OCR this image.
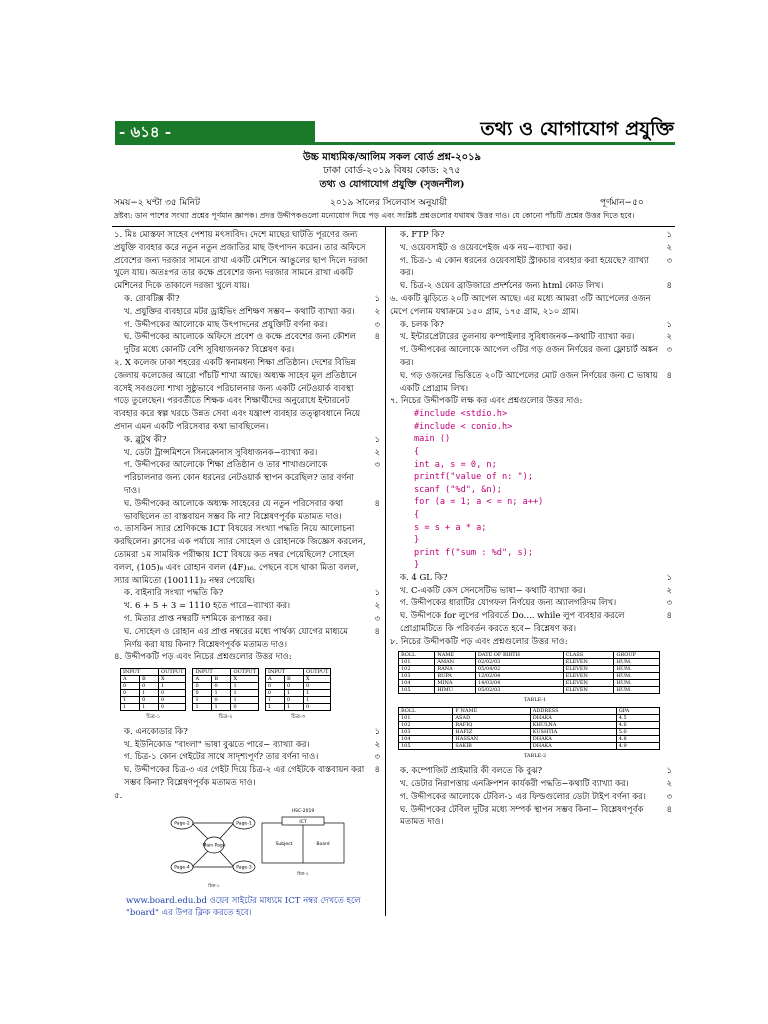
- ৬১৪ -	তথ্য ও যোগাযোগ প্রযুক্তি
উচ্চ মাধ্যমিক/আলিম সকল বোর্ড প্রশ্ন-২০১৯
ঢাকা বোর্ড-২০১৯ বিষয় কোড: ২৭৫
তথ্য ও যোগাযোগ প্রযুক্তি (সৃজনশীল)
সময়−২ ঘণ্টা ৩৫ মিনিট	২০১৯ সালের সিলেবাস অনুযায়ী	পূর্ণমান−৫০
দ্রষ্টব্য: ডান পাশের সংখ্যা প্রশ্নের পূর্ণমান জ্ঞাপক। প্রদত্ত উদ্দীপকগুলো মনোযোগ দিয়ে পড় এবং সংশ্লিষ্ট প্রশ্নগুলোর যথাযথ উত্তর দাও। যে কোনো পাঁচটি প্রশ্নের উত্তর দিতে হবে।
১. মিঃ মোস্তফা সাহেব পেশায় মৎস্যবিদ। দেশে মাছের ঘাটতি পূরণের জন্য প্রযুক্তি ব্যবহার করে নতুন নতুন প্রজাতির মাছ উৎপাদন করেন। তার অফিসে প্রবেশের জন্য দরজার সামনে রাখা একটি মেশিনে আঙুলের ছাপ দিলে দরজা খুলে যায়। অতঃপর তার কক্ষে প্রবেশের জন্য দরজার সামনে রাখা একটি মেশিনের দিকে তাকালে দরজা খুলে যায়।
ক. রোবটিক্স কী?	১
খ. প্রযুক্তির ব্যবহারে মটর ড্রাইভিং প্রশিক্ষণ সম্ভব− কথাটি ব্যাখ্যা কর।	২
গ. উদ্দীপকের আলোকে মাছ উৎপাদনের প্রযুক্তিটি বর্ণনা কর।	৩
ঘ. উদ্দীপকের আলোকে অফিসে প্রবেশ ও কক্ষে প্রবেশের জন্য কৌশল দুটির মধ্যে কোনটি বেশি সুবিধাজনক? বিশ্লেষণ কর।
৪
২. X কলেজ ঢাকা শহরের একটি স্বনামধন্য শিক্ষা প্রতিষ্ঠান। দেশের বিভিন্ন জেলায় কলেজের আরো পাঁচটি শাখা আছে। অধ্যক্ষ সাহেব মূল প্রতিষ্ঠানে বসেই সবগুলো শাখা সুষ্ঠুভাবে পরিচালনার জন্য একটি নেটওয়ার্ক ব্যবস্থা গড়ে তুলেছেন। পরবর্তীতে শিক্ষক এবং শিক্ষার্থীদের অনুরোধে ইন্টারনেট ব্যবহার করে স্বল্প খরচে উন্নত সেবা এবং যন্ত্রাংশ ব্যবহার তত্ত্বাবধানে নিয়ে প্রদান এমন একটি পরিসেবার কথা ভাবছিলেন।
ক. ব্লুটুথ কী?	১
খ. ডেটা ট্রান্সমিশনে সিনক্রোনাস সুবিধাজনক−ব্যাখ্যা কর।	২
গ. উদ্দীপকের আলোকে শিক্ষা প্রতিষ্ঠান ও তার শাখাগুলোকে পরিচালনার জন্য কোন ধরনের নেটওয়ার্ক স্থাপন করেছিল? তার বর্ণনা দাও।
৩
ঘ. উদ্দীপকের আলোকে অধ্যক্ষ সাহেবের যে নতুন পরিসেবার কথা ভাবছিলেন তা বাস্তবায়ন সম্ভব কি না? বিশ্লেষণপূর্বক মতামত দাও।
৪
৩. তাসকিন স্যার শ্রেণিকক্ষে ICT বিষয়ের সংখ্যা পদ্ধতি নিয়ে আলোচনা করছিলেন। ক্লাসের এক পর্যায়ে স্যার সোহেল ও রোহানকে জিজ্ঞেস করলেন, তোমরা ১ম সাময়িক পরীক্ষায় ICT বিষয়ে কত নম্বর পেয়েছিলে? সোহেল বলল, (105)₈ এবং রোহান বলল (4F)₁₆. পেছনে বসে থাকা মিতা বলল, স্যার আমিতো (100111)₂ নম্বর পেয়েছি।
ক. বাইনারি সংখ্যা পদ্ধতি কি?	১
খ. 6 + 5 + 3 = 1110 হতে পারে−ব্যাখ্যা কর।	২
গ. মিতার প্রাপ্ত নম্বরটি দশমিকে রূপান্তর কর।	৩
ঘ. সোহেল ও রোহান এর প্রাপ্ত নম্বরের মধ্যে পার্থক্য যোগের মাধ্যমে নির্ণয় করা যায় কিনা? বিশ্লেষণপূর্বক মতামত দাও।
৪
৪. উদ্দীপকটি পড় এবং নিচের প্রশ্নগুলোর উত্তর দাও:
INPUT		OUTPUT
A	B	X
0	0	1
0	1	0
1	0	0
1	1	0
চিত্র-১
INPUT		OUTPUT
A	B	X
0	0	1
0	1	1
1	0	1
1	1	0
চিত্র-২
INPUT		OUTPUT
A	B	X
0	0	0
0	1	1
1	0	1
1	1	0
চিত্র-৩
ক. এনকোডার কি?	১
খ. ইউনিকোড "বাংলা" ভাষা বুঝতে পারে− ব্যাখ্যা কর।	২
গ. চিত্র-১ কোন গেইটের সাথে সাদৃশ্যপূর্ণ? তার বর্ণনা দাও।	৩
ঘ. উদ্দীপকের চিত্র-৩ এর গেইট দিয়ে চিত্র-২ এর গেইটকে বাস্তবায়ন করা সম্ভব কিনা? বিশ্লেষণপূর্বক মতামত দাও।
৪
৫.
Page-2	Page-1
Main Page
Page-4	Page-3
চিত্র-১
HSC-2019
ICT
Subject	Board
চিত্র-২
www.board.edu.bd ওয়েব সাইটের মাধ্যমে ICT নম্বর দেখতে হলে "board" এর উপর ক্লিক করতে হবে।
ক. FTP কি?	১
খ. ওয়েবসাইট ও ওয়েবপেইজ এক নয়−ব্যাখ্যা কর।	২
গ. চিত্র-১ এ কোন ধরনের ওয়েবসাইট স্ট্রাকচার ব্যবহার করা হয়েছে? ব্যাখ্যা কর।
৩
ঘ. চিত্র-২ ওয়েব ব্রাউজারে প্রদর্শনের জন্য html কোড লিখ।	৪
৬. একটি ঝুড়িতে ২০টি আপেল আছে। এর মধ্যে আমরা ৩টি আপেলের ওজন মেপে পেলাম যথাক্রমে ১৫০ গ্রাম, ১৭৫ গ্রাম, ২১০ গ্রাম।
ক. চলক কি?	১
খ. ইন্টারপ্রেটারের তুলনায় কম্পাইলার সুবিধাজনক−কথাটি ব্যাখ্যা কর।	২
গ. উদ্দীপকের আলোকে আপেল ৩টির গড় ওজন নির্ণয়ের জন্য ফ্লোচার্ট অঙ্কন কর।
৩
ঘ. গড় ওজনের ভিত্তিতে ২০টি আপেলের মোট ওজন নির্ণয়ের জন্য C ভাষায় একটি প্রোগ্রাম লিখ।
৪
৭. নিচের উদ্দীপকটি লক্ষ কর এবং প্রশ্নগুলোর উত্তর দাও:
#include <stdio.h>
#include < conio.h>
main ()
{
int a, s = 0, n;
printf("value of n: ");
scanf ("%d", &n);
for (a = 1; a < = n; a++)
{
s = s + a * a;
}
print f("sum : %d", s);
}
ক. 4 GL কি?	১
খ. C-একটি কেস সেনসেটিভ ভাষা− কথাটি ব্যাখ্যা কর।	২
গ. উদ্দীপকের ধারাটির যোগফল নির্ণয়ের জন্য অ্যালগরিদম লিখ।	৩
ঘ. উদ্দীপকে for লুপের পরিবর্তে Do.... while লুপ ব্যবহার করলে প্রোগ্রামটিতে কি পরিবর্তন করতে হবে− বিশ্লেষণ কর।
৪
৮. নিচের উদ্দীপকটি পড় এবং প্রশ্নগুলোর উত্তর দাও:
ROLL	NAME	DATE OF BIRTH	CLASS	GROUP
101	AMAN	02/02/03	ELEVEN	HUM.
102	RANA	05/04/02	ELEVEN	HUM.
103	RUPA	12/02/04	ELEVEN	HUM.
104	MINA	14/03/04	ELEVEN	HUM.
105	HIMU	05/02/03	ELEVEN	HUM.
TABLE-1
ROLL	F NAME	ADDRESS	GPA
101	ASAD	DHAKA	4.5
102	RAFIQ	KHULNA	4.6
103	HAFIZ	KUSHTIA	5.0
104	HASSAN	DHAKA	4.8
105	SAKIB	DHAKA	4.9
TABLE-2
ক. কম্পোজিট প্রাইমারি কী বলতে কি বুঝ?	১
খ. ডেটার নিরাপত্তায় এনক্রিপশন কার্যকরী পদ্ধতি−কথাটি ব্যাখ্যা কর।	২
গ. উদ্দীপকের আলোকে টেবিল-১ এর ফিল্ডগুলোর ডেটা টাইপ বর্ণনা কর।	৩
ঘ. উদ্দীপকের টেবিল দুটির মধ্যে সম্পর্ক স্থাপন সম্ভব কিনা− বিশ্লেষণপূর্বক মতামত দাও।
৪
